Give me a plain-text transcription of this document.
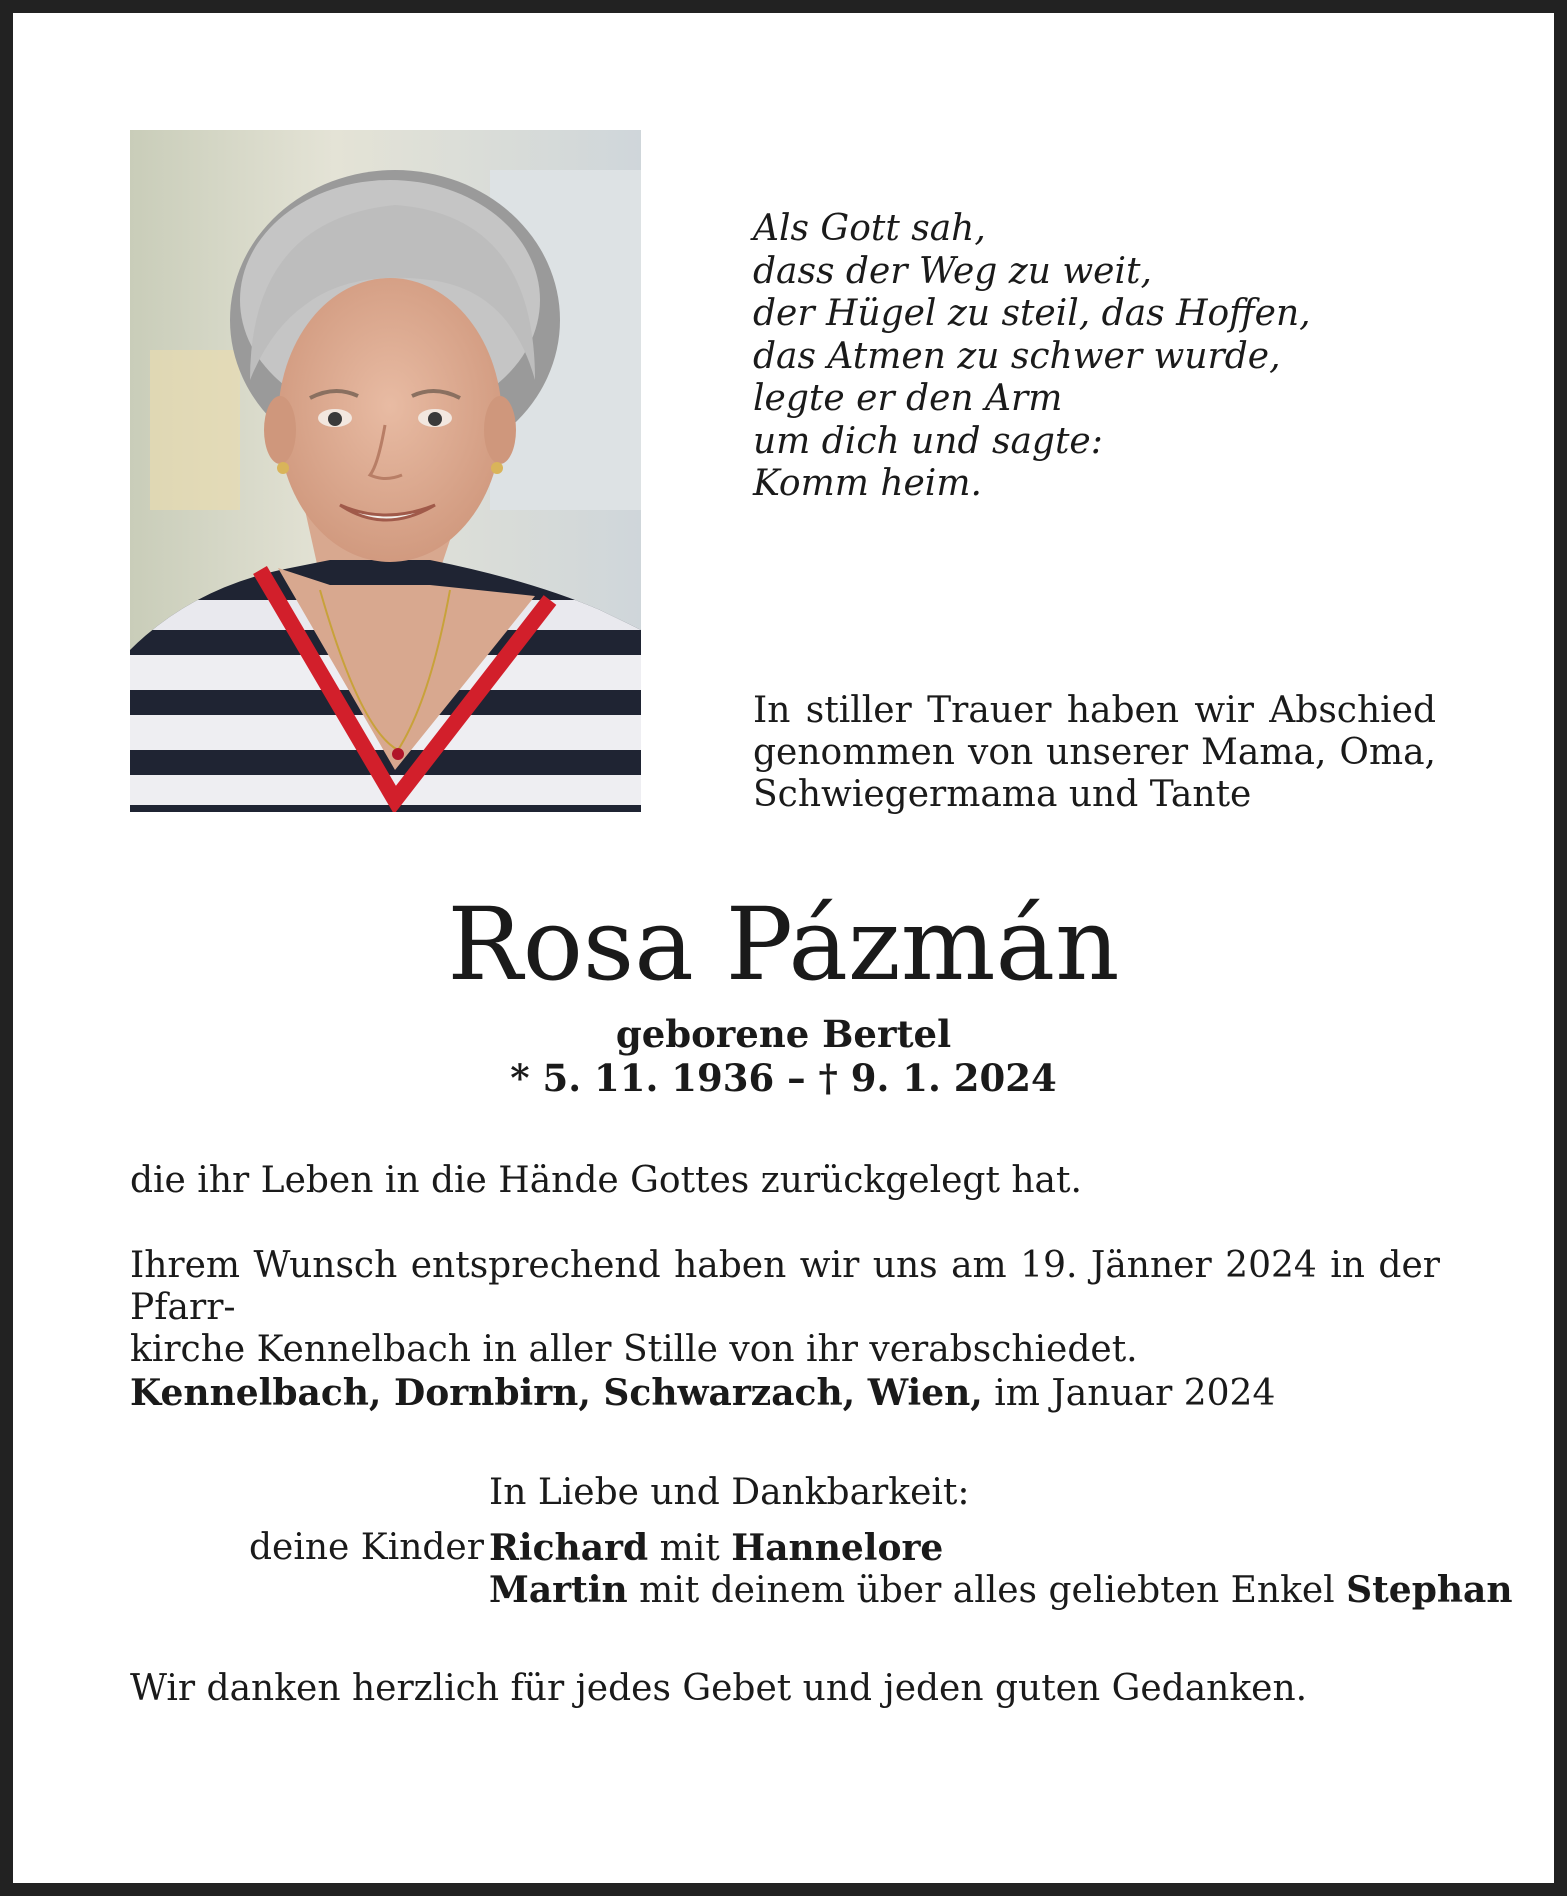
Als Gott sah,
dass der Weg zu weit,
der Hügel zu steil, das Hoffen,
das Atmen zu schwer wurde,
legte er den Arm
um dich und sagte:
Komm heim.
In stiller Trauer haben wir Abschied
genommen von unserer Mama, Oma,
Schwiegermama und Tante
Rosa Pázmán
geborene Bertel
* 5. 11. 1936 – † 9. 1. 2024
die ihr Leben in die Hände Gottes zurückgelegt hat.
Ihrem Wunsch entsprechend haben wir uns am 19. Jänner 2024 in der Pfarr-
kirche Kennelbach in aller Stille von ihr verabschiedet.
Kennelbach, Dornbirn, Schwarzach, Wien, im Januar 2024
In Liebe und Dankbarkeit:
deine Kinder Richard mit Hannelore
Martin mit deinem über alles geliebten Enkel Stephan
Wir danken herzlich für jedes Gebet und jeden guten Gedanken.
